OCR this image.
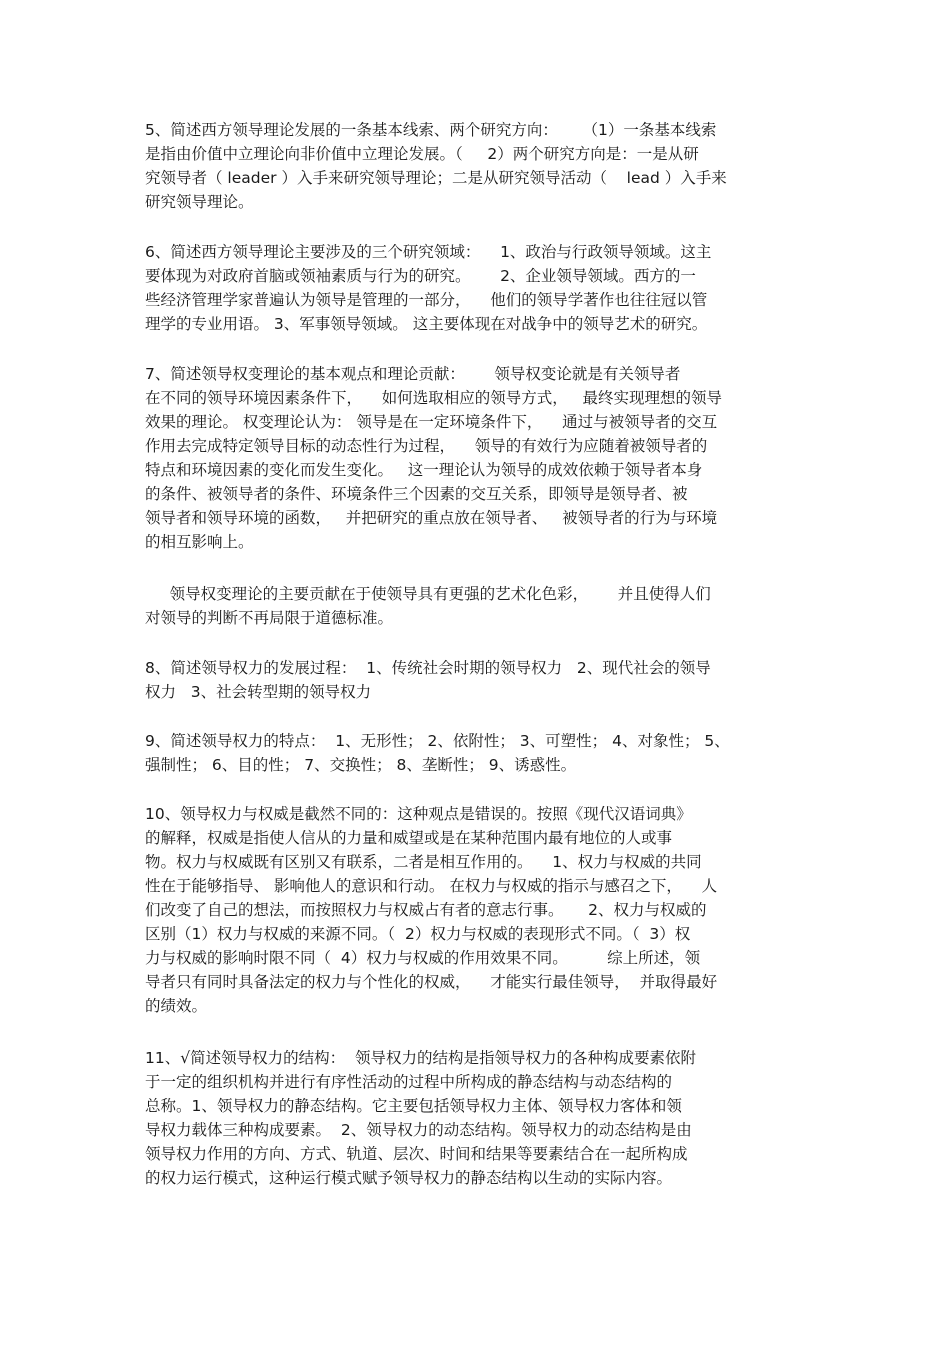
5、简述西方领导理论发展的一条基本线索、两个研究方向：     （1）一条基本线索
是指由价值中立理论向非价值中立理论发展。（     2）两个研究方向是：一是从研
究领导者（ leader ）入手来研究领导理论；二是从研究领导活动（    lead ）入手来
研究领导理论。
6、简述西方领导理论主要涉及的三个研究领域：    1、政治与行政领导领域。这主
要体现为对政府首脑或领袖素质与行为的研究。      2、企业领导领域。西方的一
些经济管理学家普遍认为领导是管理的一部分，    他们的领导学著作也往往冠以管
理学的专业用语。 3、军事领导领域。 这主要体现在对战争中的领导艺术的研究。
7、简述领导权变理论的基本观点和理论贡献：      领导权变论就是有关领导者
在不同的领导环境因素条件下，    如何选取相应的领导方式，   最终实现理想的领导
效果的理论。 权变理论认为： 领导是在一定环境条件下，    通过与被领导者的交互
作用去完成特定领导目标的动态性行为过程，    领导的有效行为应随着被领导者的
特点和环境因素的变化而发生变化。   这一理论认为领导的成效依赖于领导者本身
的条件、被领导者的条件、环境条件三个因素的交互关系，即领导是领导者、被
领导者和领导环境的函数，   并把研究的重点放在领导者、   被领导者的行为与环境
的相互影响上。
领导权变理论的主要贡献在于使领导具有更强的艺术化色彩，      并且使得人们
对领导的判断不再局限于道德标准。
8、简述领导权力的发展过程：  1、传统社会时期的领导权力   2、现代社会的领导
权力   3、社会转型期的领导权力
9、简述领导权力的特点：  1、无形性； 2、依附性； 3、可塑性； 4、对象性； 5、
强制性； 6、目的性； 7、交换性； 8、垄断性； 9、诱惑性。
10、领导权力与权威是截然不同的：这种观点是错误的。按照《现代汉语词典》
的解释，权威是指使人信从的力量和威望或是在某种范围内最有地位的人或事
物。权力与权威既有区别又有联系，二者是相互作用的。    1、权力与权威的共同
性在于能够指导、 影响他人的意识和行动。 在权力与权威的指示与感召之下，    人
们改变了自己的想法，而按照权力与权威占有者的意志行事。     2、权力与权威的
区别（1）权力与权威的来源不同。（  2）权力与权威的表现形式不同。（  3）权
力与权威的影响时限不同（  4）权力与权威的作用效果不同。        综上所述，领
导者只有同时具备法定的权力与个性化的权威，    才能实行最佳领导，  并取得最好
的绩效。
11、√简述领导权力的结构：  领导权力的结构是指领导权力的各种构成要素依附
于一定的组织机构并进行有序性活动的过程中所构成的静态结构与动态结构的
总称。1、领导权力的静态结构。它主要包括领导权力主体、领导权力客体和领
导权力载体三种构成要素。  2、领导权力的动态结构。领导权力的动态结构是由
领导权力作用的方向、方式、轨道、层次、时间和结果等要素结合在一起所构成
的权力运行模式，这种运行模式赋予领导权力的静态结构以生动的实际内容。
